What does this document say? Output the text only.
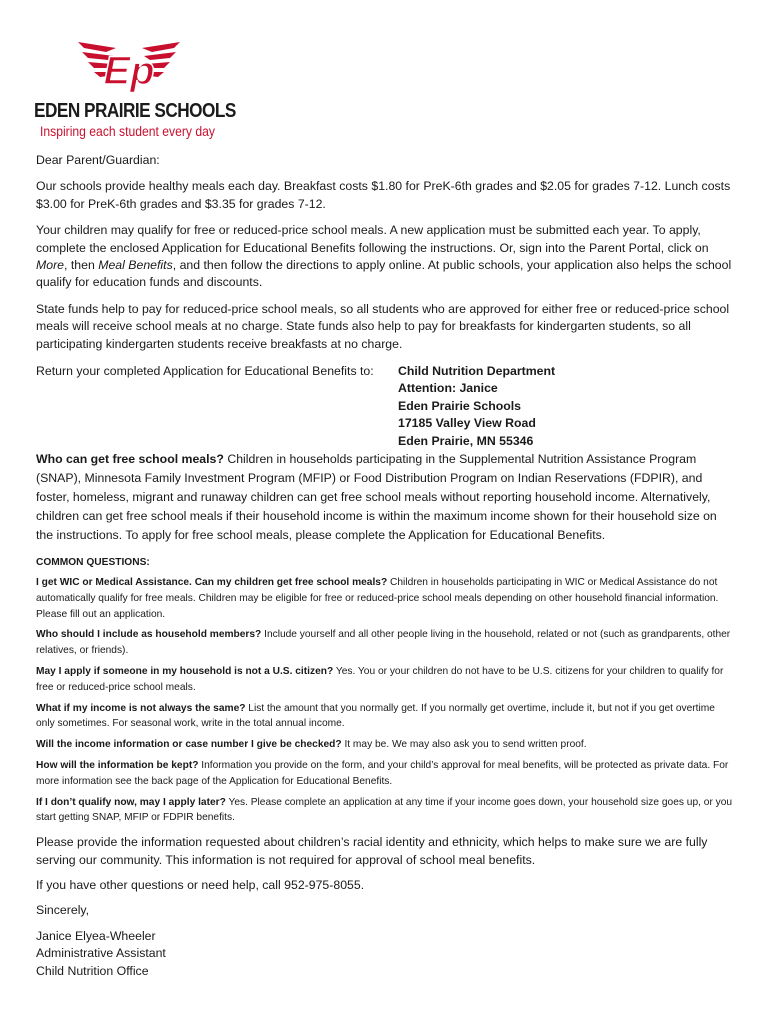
Ep
EDEN PRAIRIE SCHOOLS
Inspiring each student every day

Dear Parent/Guardian:

Our schools provide healthy meals each day. Breakfast costs $1.80 for PreK-6th grades and $2.05 for grades 7-12. Lunch costs $3.00 for PreK-6th grades and $3.35 for grades 7-12.

Your children may qualify for free or reduced-price school meals. A new application must be submitted each year. To apply, complete the enclosed Application for Educational Benefits following the instructions. Or, sign into the Parent Portal, click on More, then Meal Benefits, and then follow the directions to apply online. At public schools, your application also helps the school qualify for education funds and discounts.

State funds help to pay for reduced-price school meals, so all students who are approved for either free or reduced-price school meals will receive school meals at no charge. State funds also help to pay for breakfasts for kindergarten students, so all participating kindergarten students receive breakfasts at no charge.

Return your completed Application for Educational Benefits to:	Child Nutrition Department
Attention: Janice
Eden Prairie Schools
17185 Valley View Road
Eden Prairie, MN 55346

Who can get free school meals? Children in households participating in the Supplemental Nutrition Assistance Program (SNAP), Minnesota Family Investment Program (MFIP) or Food Distribution Program on Indian Reservations (FDPIR), and foster, homeless, migrant and runaway children can get free school meals without reporting household income. Alternatively, children can get free school meals if their household income is within the maximum income shown for their household size on the instructions. To apply for free school meals, please complete the Application for Educational Benefits.

COMMON QUESTIONS:

I get WIC or Medical Assistance. Can my children get free school meals? Children in households participating in WIC or Medical Assistance do not automatically qualify for free meals. Children may be eligible for free or reduced-price school meals depending on other household financial information. Please fill out an application.

Who should I include as household members? Include yourself and all other people living in the household, related or not (such as grandparents, other relatives, or friends).

May I apply if someone in my household is not a U.S. citizen? Yes. You or your children do not have to be U.S. citizens for your children to qualify for free or reduced-price school meals.

What if my income is not always the same? List the amount that you normally get. If you normally get overtime, include it, but not if you get overtime only sometimes. For seasonal work, write in the total annual income.

Will the income information or case number I give be checked? It may be. We may also ask you to send written proof.

How will the information be kept? Information you provide on the form, and your child’s approval for meal benefits, will be protected as private data. For more information see the back page of the Application for Educational Benefits.

If I don’t qualify now, may I apply later? Yes. Please complete an application at any time if your income goes down, your household size goes up, or you start getting SNAP, MFIP or FDPIR benefits.

Please provide the information requested about children’s racial identity and ethnicity, which helps to make sure we are fully serving our community. This information is not required for approval of school meal benefits.

If you have other questions or need help, call 952-975-8055.

Sincerely,

Janice Elyea-Wheeler
Administrative Assistant
Child Nutrition Office
